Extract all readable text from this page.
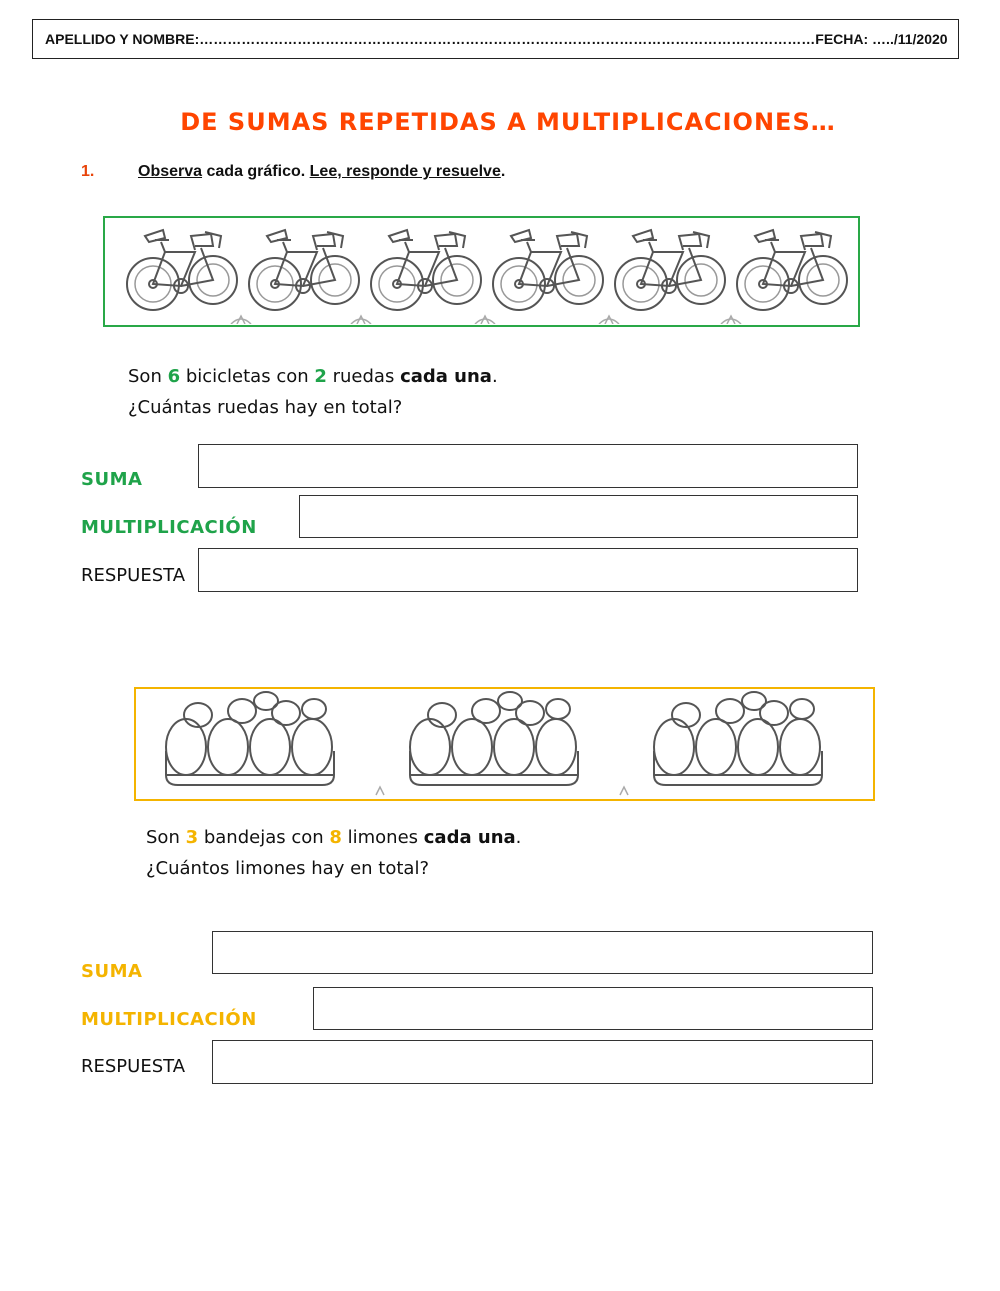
APELLIDO Y NOMBRE:…………………………………………………………………………………………………………………… FECHA: …../11/2020
DE SUMAS REPETIDAS A MULTIPLICACIONES…
1.	Observa cada gráfico. Lee, responde y resuelve.
Son 6 bicicletas con 2 ruedas cada una.
¿Cuántas ruedas hay en total?
SUMA
MULTIPLICACIÓN
RESPUESTA
Son 3 bandejas con 8 limones cada una.
¿Cuántos limones hay en total?
SUMA
MULTIPLICACIÓN
RESPUESTA
